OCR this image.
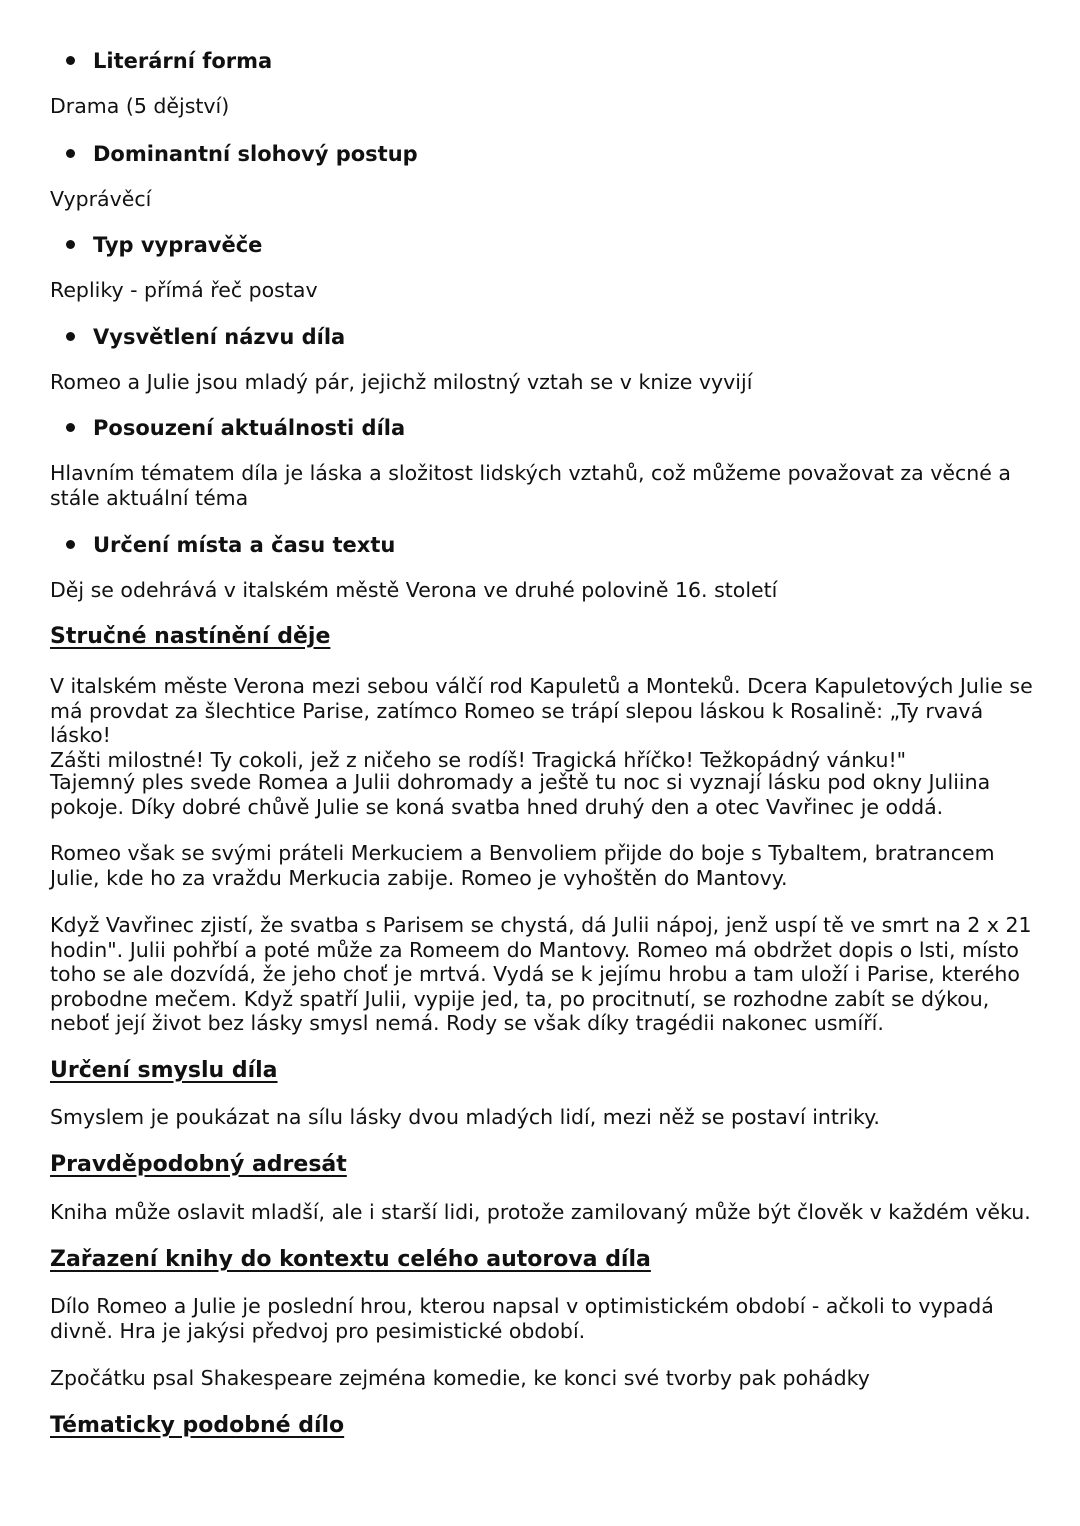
Literární forma
Drama (5 dějství)
Dominantní slohový postup
Vyprávěcí
Typ vypravěče
Repliky - přímá řeč postav
Vysvětlení názvu díla
Romeo a Julie jsou mladý pár, jejichž milostný vztah se v knize vyvijí
Posouzení aktuálnosti díla
Hlavním tématem díla je láska a složitost lidských vztahů, což můžeme považovat za věcné a
stále aktuální téma
Určení místa a času textu
Děj se odehrává v italském městě Verona ve druhé polovině 16. století
Stručné nastínění děje
V italském měste Verona mezi sebou válčí rod Kapuletů a Monteků. Dcera Kapuletových Julie se
má provdat za šlechtice Parise, zatímco Romeo se trápí slepou láskou k Rosalině: „Ty rvavá lásko!
Zášti milostné! Ty cokoli, jež z ničeho se rodíš! Tragická hříčko! Težkopádný vánku!"
Tajemný ples svede Romea a Julii dohromady a ještě tu noc si vyznají lásku pod okny Juliina
pokoje. Díky dobré chůvě Julie se koná svatba hned druhý den a otec Vavřinec je oddá.
Romeo však se svými práteli Merkuciem a Benvoliem přijde do boje s Tybaltem, bratrancem
Julie, kde ho za vraždu Merkucia zabije. Romeo je vyhoštěn do Mantovy.
Když Vavřinec zjistí, že svatba s Parisem se chystá, dá Julii nápoj, jenž uspí tě ve smrt na 2 x 21
hodin". Julii pohřbí a poté může za Romeem do Mantovy. Romeo má obdržet dopis o lsti, místo
toho se ale dozvídá, že jeho choť je mrtvá. Vydá se k jejímu hrobu a tam uloží i Parise, kterého
probodne mečem. Když spatří Julii, vypije jed, ta, po procitnutí, se rozhodne zabít se dýkou,
neboť její život bez lásky smysl nemá. Rody se však díky tragédii nakonec usmíří.
Určení smyslu díla
Smyslem je poukázat na sílu lásky dvou mladých lidí, mezi něž se postaví intriky.
Pravděpodobný adresát
Kniha může oslavit mladší, ale i starší lidi, protože zamilovaný může být člověk v každém věku.
Zařazení knihy do kontextu celého autorova díla
Dílo Romeo a Julie je poslední hrou, kterou napsal v optimistickém období - ačkoli to vypadá
divně. Hra je jakýsi předvoj pro pesimistické období.
Zpočátku psal Shakespeare zejména komedie, ke konci své tvorby pak pohádky
Tématicky podobné dílo
